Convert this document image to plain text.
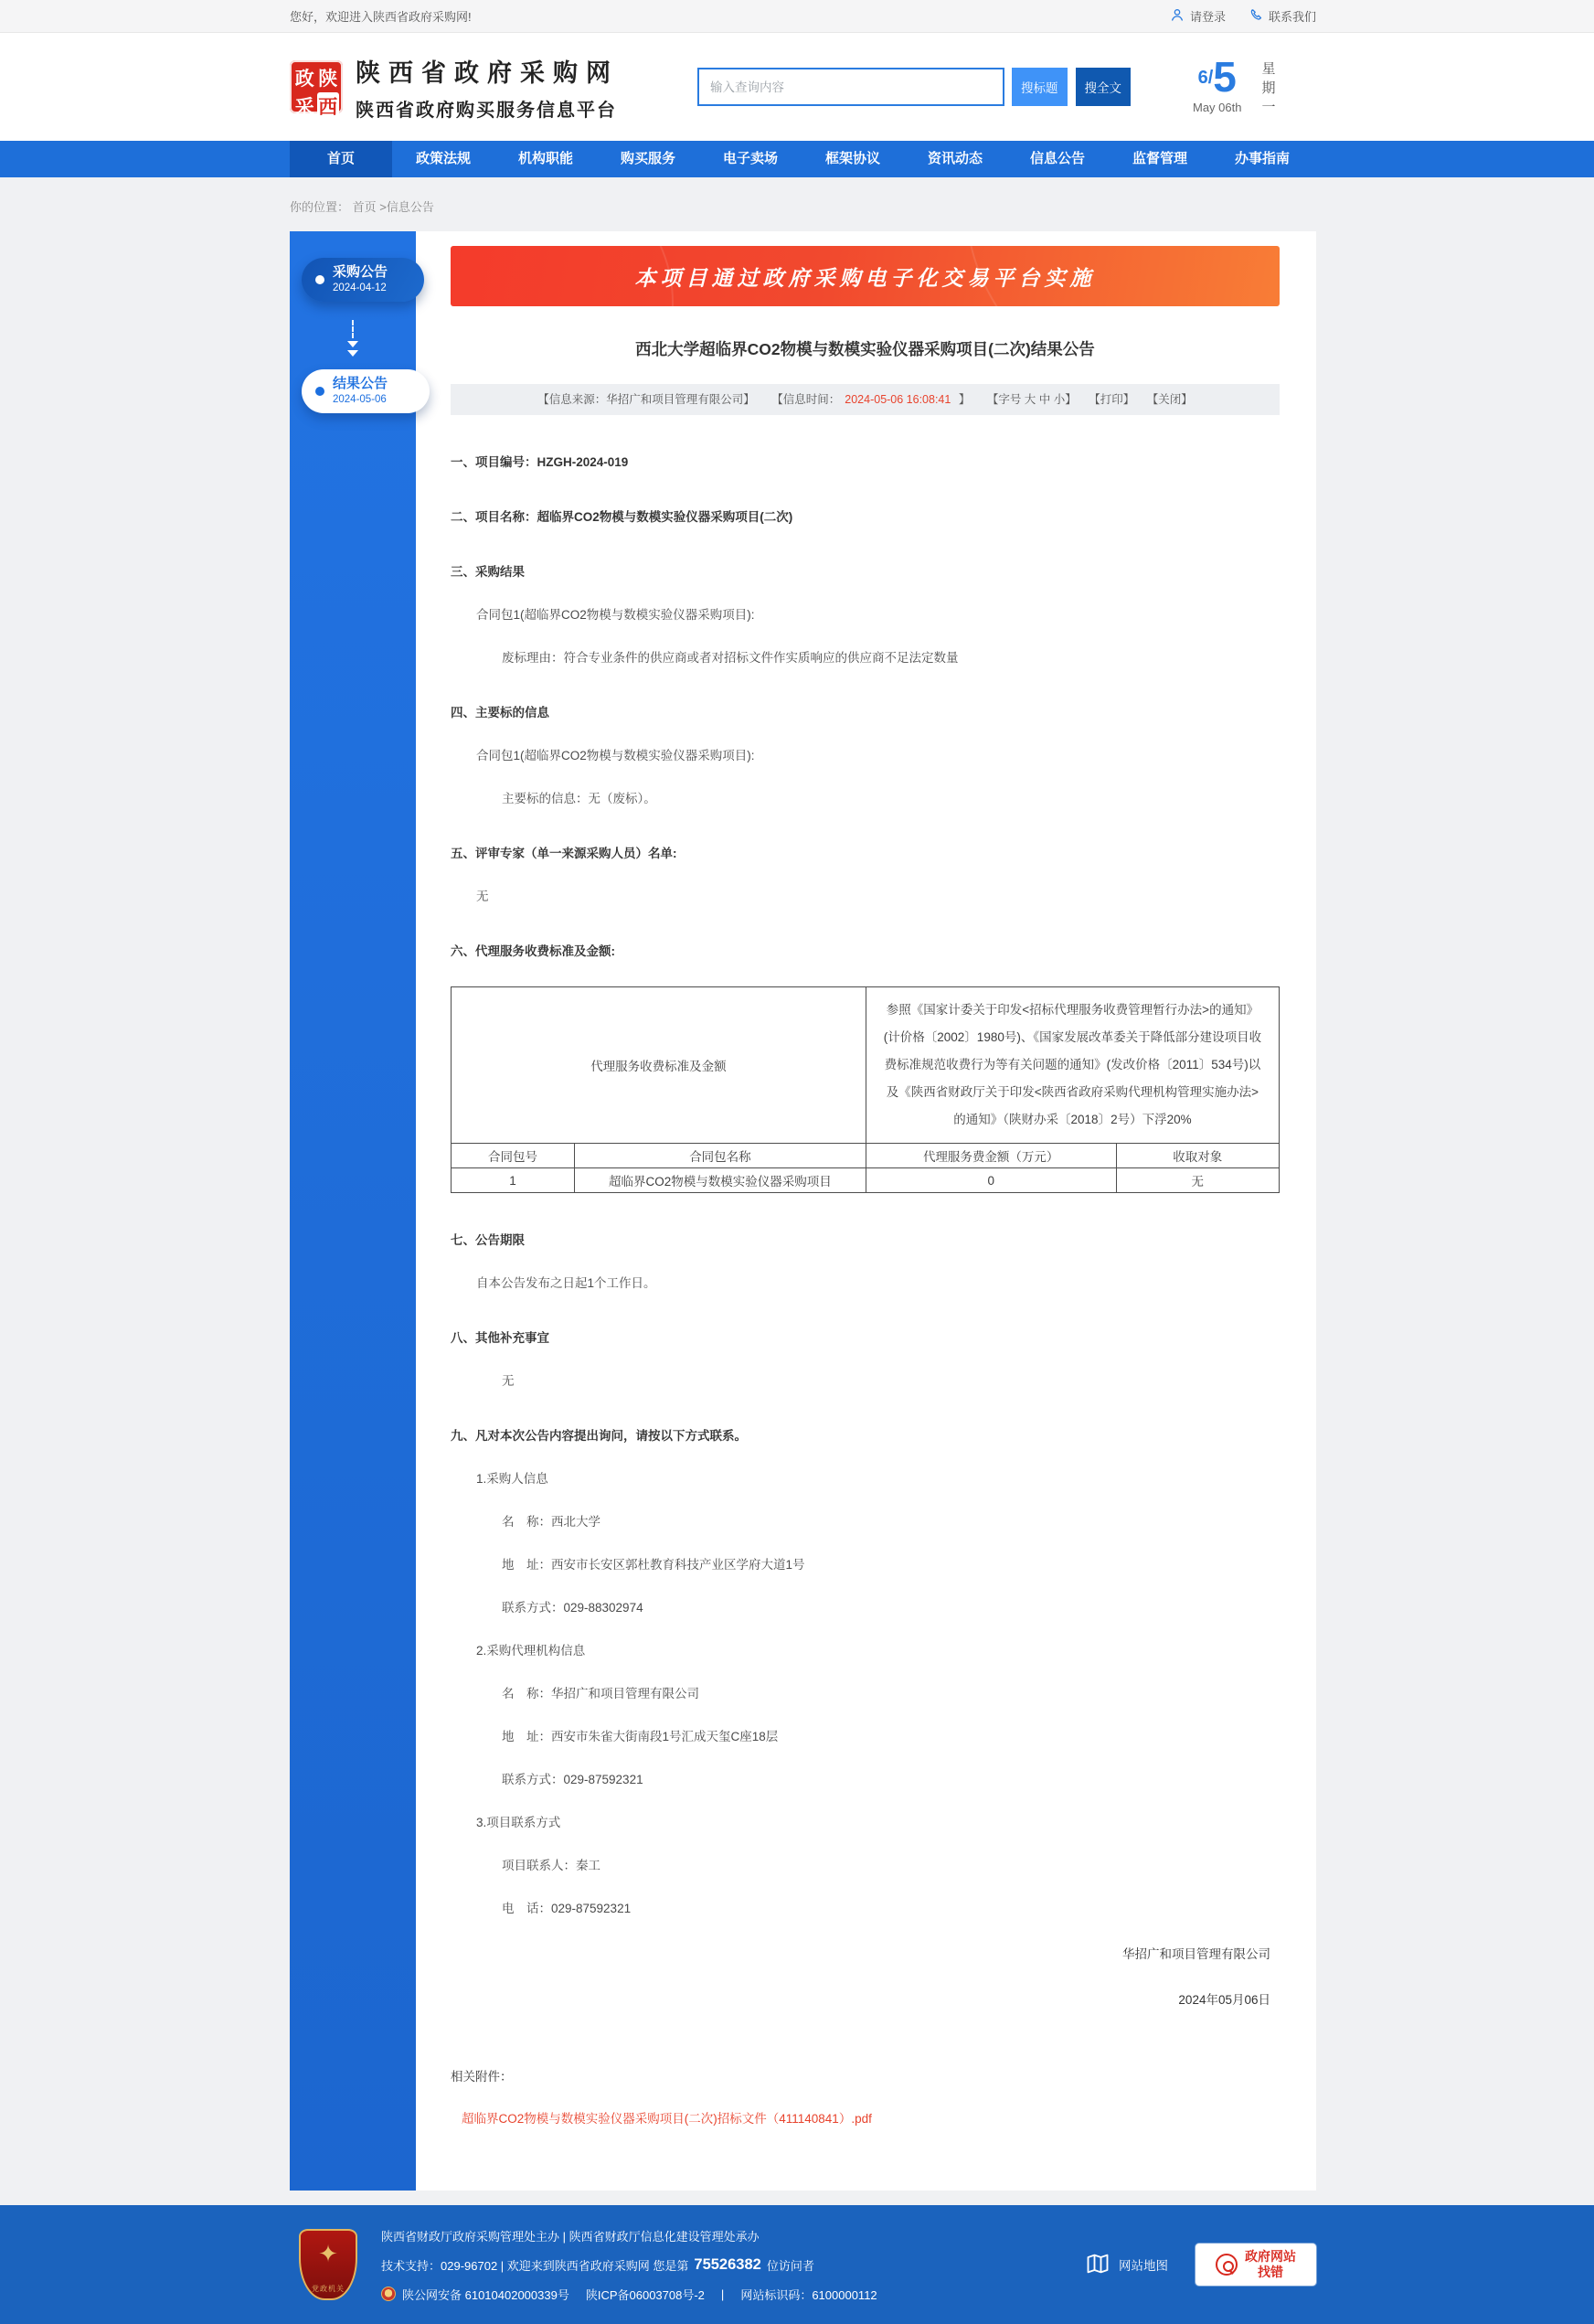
您好，欢迎进入陕西省政府采购网!	请登录	联系我们
政 陕
采 西
陕西省政府采购网
陕西省政府购买服务信息平台
输入查询内容
搜标题	搜全文
6/ 5
May 06th
星
期
一
首页	政策法规	机构职能	购买服务	电子卖场	框架协议	资讯动态	信息公告	监督管理	办事指南
你的位置： 首页 >信息公告
采购公告
2024-04-12
结果公告
2024-05-06
本项目通过政府采购电子化交易平台实施
西北大学超临界CO2物模与数模实验仪器采购项目(二次)结果公告
【信息来源：华招广和项目管理有限公司】 【信息时间： 2024-05-06 16:08:41 】 【字号 大 中 小】 【打印】 【关闭】
一、项目编号：HZGH-2024-019
二、项目名称：超临界CO2物模与数模实验仪器采购项目(二次)
三、采购结果
合同包1(超临界CO2物模与数模实验仪器采购项目):
废标理由：符合专业条件的供应商或者对招标文件作实质响应的供应商不足法定数量
四、主要标的信息
合同包1(超临界CO2物模与数模实验仪器采购项目):
主要标的信息：无（废标）。
五、评审专家（单一来源采购人员）名单:
无
六、代理服务收费标准及金额:
代理服务收费标准及金额		参照《国家计委关于印发<招标代理服务收费管理暂行办法>的通知》(计价格〔2002〕1980号)、《国家发展改革委关于降低部分建设项目收费标准规范收费行为等有关问题的通知》(发改价格〔2011〕534号)以及《陕西省财政厅关于印发<陕西省政府采购代理机构管理实施办法>的通知》（陕财办采〔2018〕2号）下浮20%	
合同包号	合同包名称	代理服务费金额（万元）	收取对象
1	超临界CO2物模与数模实验仪器采购项目	0	无
七、公告期限
自本公告发布之日起1个工作日。
八、其他补充事宜
无
九、凡对本次公告内容提出询问，请按以下方式联系。
1.采购人信息
名　称：西北大学
地　址：西安市长安区郭杜教育科技产业区学府大道1号
联系方式：029-88302974
2.采购代理机构信息
名　称：华招广和项目管理有限公司
地　址：西安市朱雀大街南段1号汇成天玺C座18层
联系方式：029-87592321
3.项目联系方式
项目联系人：秦工
电　话：029-87592321
华招广和项目管理有限公司
2024年05月06日
相关附件：
超临界CO2物模与数模实验仪器采购项目(二次)招标文件（411140841）.pdf
✦
党政机关
陕西省财政厅政府采购管理处主办 | 陕西省财政厅信息化建设管理处承办
技术支持：029-96702 | 欢迎来到陕西省政府采购网 您是第 75526382 位访问者
陕公网安备 61010402000339号 陕ICP备06003708号-2 | 网站标识码：6100000112
网站地图
政府网站
找错
